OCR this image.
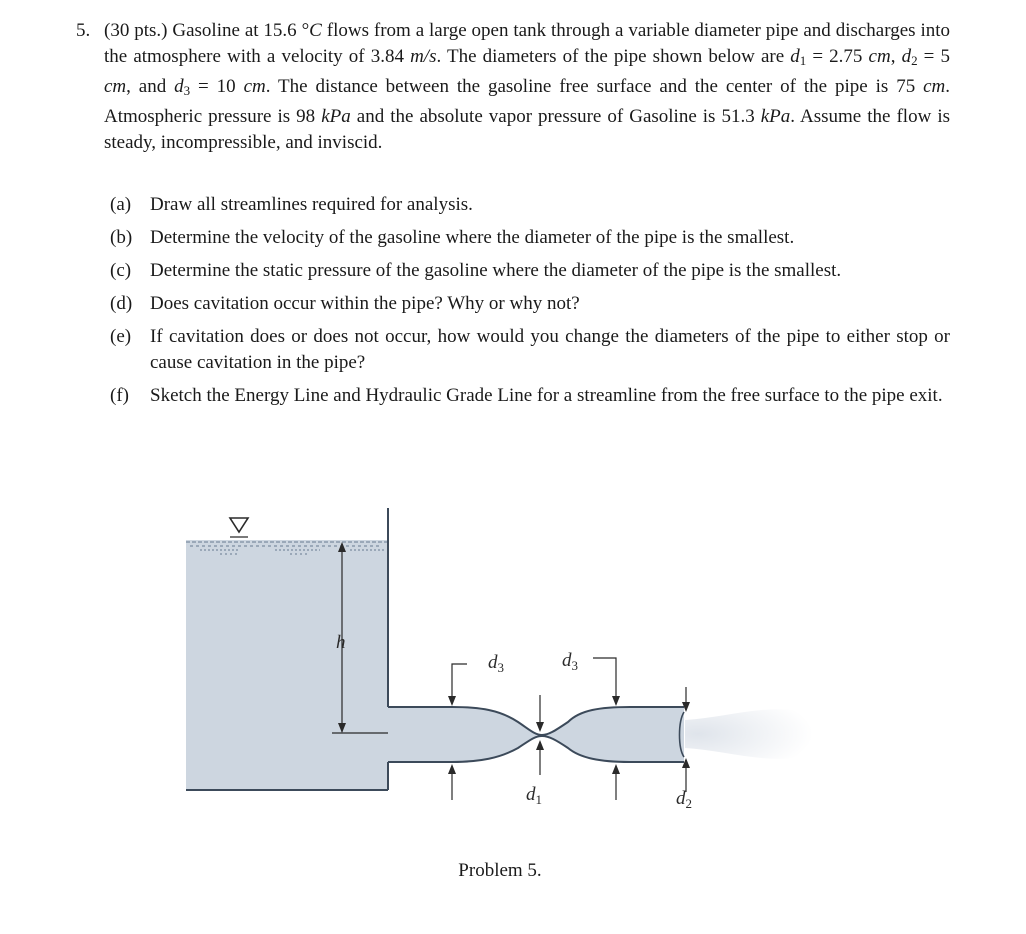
5. (30 pts.) Gasoline at 15.6 °C flows from a large open tank through a variable diameter pipe and discharges into the atmosphere with a velocity of 3.84 m/s. The diameters of the pipe shown below are $d_1 = 2.75$ cm, $d_2 = 5$ cm, and $d_3 = 10$ cm. The distance between the gasoline free surface and the center of the pipe is 75 cm. Atmospheric pressure is 98 kPa and the absolute vapor pressure of Gasoline is 51.3 kPa. Assume the flow is steady, incompressible, and inviscid.
(a) Draw all streamlines required for analysis.
(b) Determine the velocity of the gasoline where the diameter of the pipe is the smallest.
(c) Determine the static pressure of the gasoline where the diameter of the pipe is the smallest.
(d) Does cavitation occur within the pipe? Why or why not?
(e) If cavitation does or does not occur, how would you change the diameters of the pipe to either stop or cause cavitation in the pipe?
(f) Sketch the Energy Line and Hydraulic Grade Line for a streamline from the free surface to the pipe exit.
h
$d_3$	$d_3$
$d_1$	$d_2$
Problem 5.
